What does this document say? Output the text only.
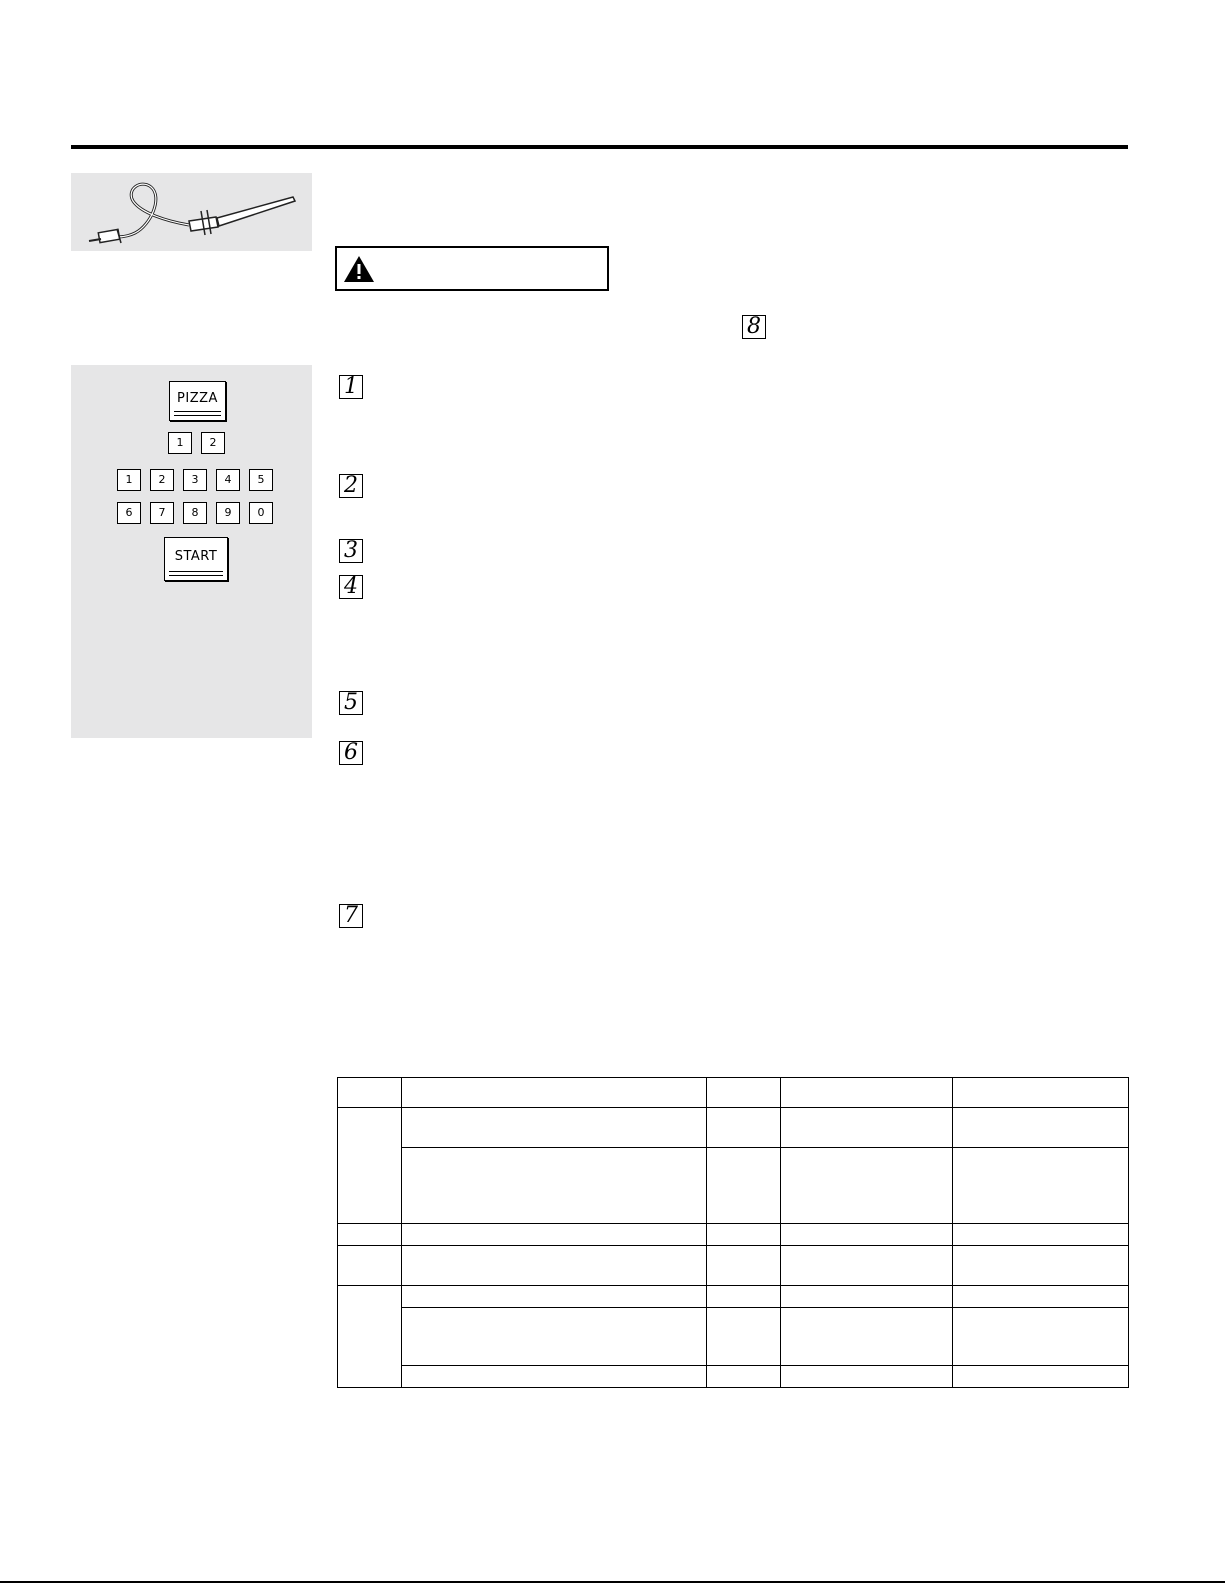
8
PIZZA
1	2
1	2	3	4	5
6	7	8	9	0
START
1
2
3
4
5
6
7
